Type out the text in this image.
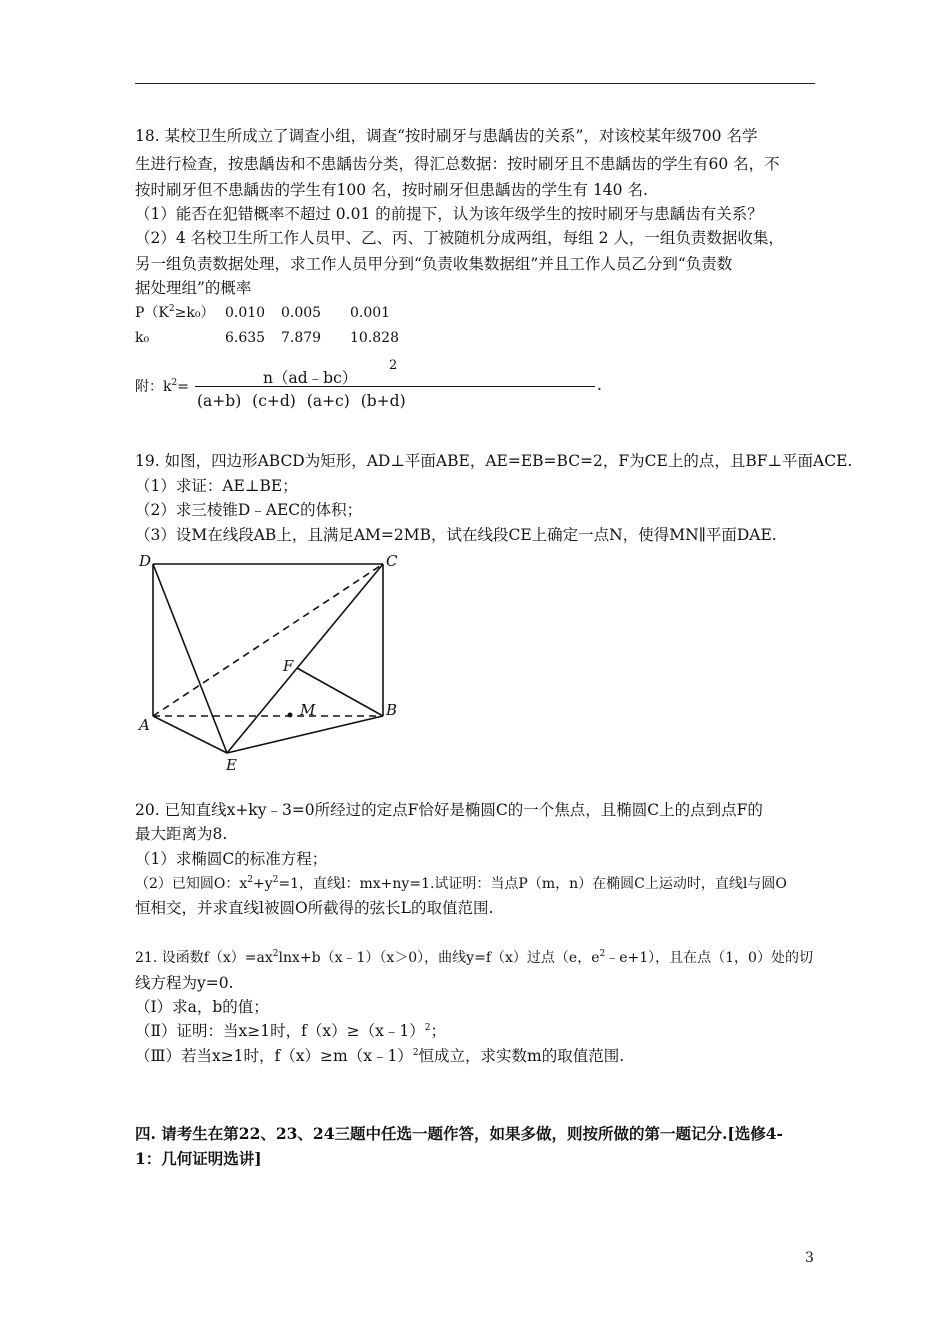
18. 某校卫生所成立了调查小组，调查“按时刷牙与患龋齿的关系”，对该校某年级700 名学
生进行检查，按患龋齿和不患龋齿分类，得汇总数据：按时刷牙且不患龋齿的学生有60 名，不
按时刷牙但不患龋齿的学生有100 名，按时刷牙但患龋齿的学生有 140 名.
（1）能否在犯错概率不超过 0.01 的前提下，认为该年级学生的按时刷牙与患龋齿有关系？
（2）4 名校卫生所工作人员甲、乙、丙、丁被随机分成两组，每组 2 人，一组负责数据收集，
另一组负责数据处理，求工作人员甲分到“负责收集数据组”并且工作人员乙分到“负责数
据处理组”的概率
$P(K^2\ge k_0)$ 0.010 0.005 0.001
k₀	6.635 7.879 10.828
附：$k^2=$	n（ad﹣bc）
2
(a+b) (c+d) (a+c) (b+d)
.
19. 如图，四边形ABCD为矩形，AD⊥平面ABE，AE=EB=BC=2，F为CE上的点，且BF⊥平面ACE.
（1）求证：AE⊥BE；
（2）求三棱锥D﹣AEC的体积；
（3）设M在线段AB上，且满足AM=2MB，试在线段CE上确定一点N，使得MN∥平面DAE.
D	C
F
M
A
B
E
20. 已知直线x+ky﹣3=0所经过的定点F恰好是椭圆C的一个焦点，且椭圆C上的点到点F的
最大距离为8.
（1）求椭圆C的标准方程；
（2）已知圆O：$x^2+y^2=1$，直线l：mx+ny=1.试证明：当点P（m，n）在椭圆C上运动时，直线l与圆O
恒相交，并求直线l被圆O所截得的弦长L的取值范围.
21. 设函数$f(x)=ax^2\ln x+b(x﹣1)(x>0)$，曲线y=f（x）过点（e，$e^2﹣e+1$），且在点（1，0）处的切
线方程为y=0.
（Ⅰ）求a，b的值；
（Ⅱ）证明：当x≥1时，f（x）≥（x﹣1）$^2$；
（Ⅲ）若当x≥1时，f（x）≥m（x﹣1）$^2$恒成立，求实数m的取值范围.
四. 请考生在第22、23、24三题中任选一题作答，如果多做，则按所做的第一题记分.[选修4-
1：几何证明选讲]
3
